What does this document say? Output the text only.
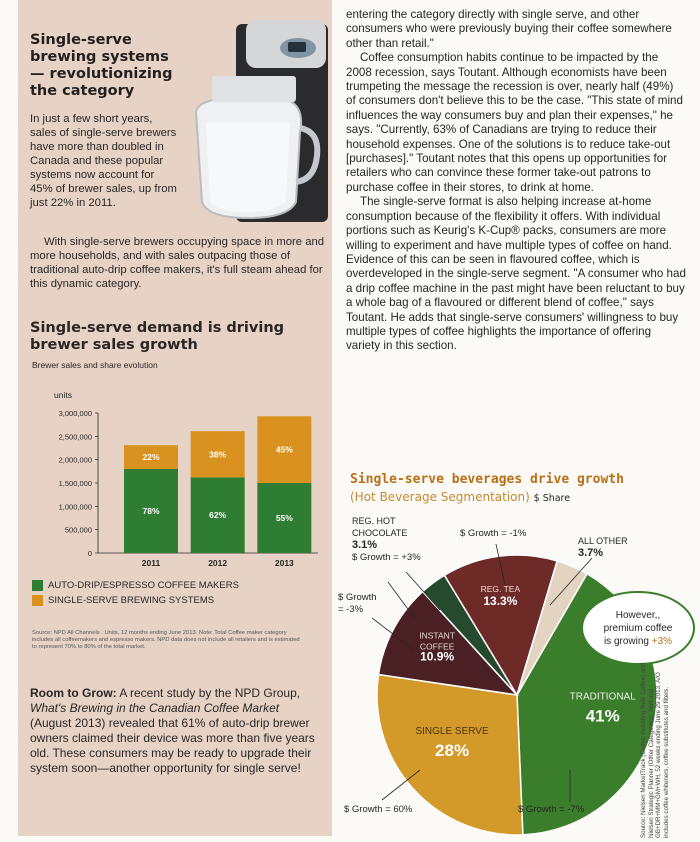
Single-serve brewing systems— revolutionizing the category

In just a few short years, sales of single-serve brewers have more than doubled in Canada and these popular systems now account for 45% of brewer sales, up from just 22% in 2011.

With single-serve brewers occupying space in more and more households, and with sales outpacing those of traditional auto-drip coffee makers, it's full steam ahead for this dynamic category.

Single-serve demand is driving brewer sales growth
Brewer sales and share evolution
units
3,000,000
2,500,000
2,000,000
1,500,000
1,000,000
500,000
0
78%
22%
2011
62%
38%
2012
55%
45%
2013
AUTO-DRIP/ESPRESSO COFFEE MAKERS
SINGLE-SERVE BREWING SYSTEMS

Source: NPD All Channels . Units, 12 months ending June 2013. Note: Total Coffee maker category includes all coffeemakers and espresso makers. NPD data does not include all retailers and is estimated to represent 70% to 80% of the total market.

Room to Grow: A recent study by the NPD Group, What's Brewing in the Canadian Coffee Market (August 2013) revealed that 61% of auto-drip brewer owners claimed their device was more than five years old. These consumers may be ready to upgrade their system soon—another opportunity for single serve!

entering the category directly with single serve, and other consumers who were previously buying their coffee somewhere other than retail."

Coffee consumption habits continue to be impacted by the 2008 recession, says Toutant. Although economists have been trumpeting the message the recession is over, nearly half (49%) of consumers don't believe this to be the case. "This state of mind influences the way consumers buy and plan their expenses," he says. "Currently, 63% of Canadians are trying to reduce their household expenses. One of the solutions is to reduce take-out [purchases]." Toutant notes that this opens up opportunities for retailers who can convince these former take-out patrons to purchase coffee in their stores, to drink at home.

The single-serve format is also helping increase at-home consumption because of the flexibility it offers. With individual portions such as Keurig's K-Cup® packs, consumers are more willing to experiment and have multiple types of coffee on hand. Evidence of this can be seen in flavoured coffee, which is overdeveloped in the single-serve segment. "A consumer who had a drip coffee machine in the past might have been reluctant to buy a whole bag of a flavoured or different blend of coffee," says Toutant. He adds that single-serve consumers' willingness to buy multiple types of coffee highlights the importance of offering variety in this section.

Single-serve beverages drive growth
(Hot Beverage Segmentation) $ Share
TRADITIONAL
41%
SINGLE SERVE
28%
INSTANT
COFFEE
10.9%
REG. TEA
13.3%
REG. HOT
CHOCOLATE
3.1%
$ Growth = +3%
$ Growth = -1%
ALL OTHER
3.7%
$ Growth
= -3%
$ Growth = 60%	$ Growth = -7%
However,,
premium coffee
is growing +3%

Source: Nielsen MarketTrack (Coffee including Bulk Coffee) and Nielsen Strategic Planner (Other Categories), National GB+DR+MM+GM+WH, 52 weeks ending June 29 2013. A/O includes coffee whiteners, coffee substitutes and filters.
